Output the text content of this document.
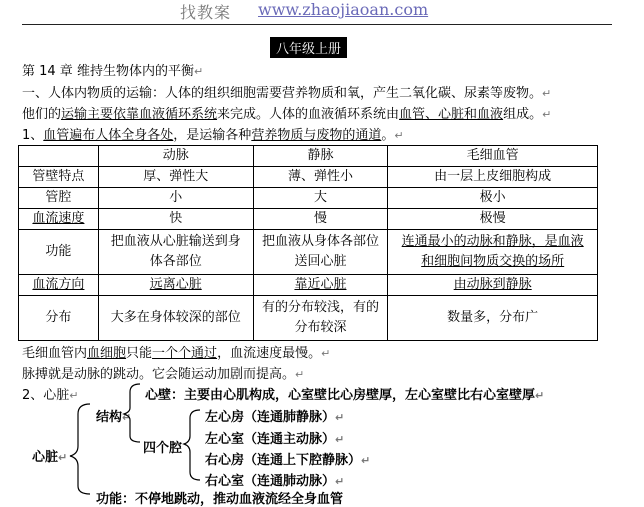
找教案 www.zhaojiaoan.com
八年级上册
第 14 章 维持生物体内的平衡↵
一、人体内物质的运输：人体的组织细胞需要营养物质和氧，产生二氧化碳、尿素等废物。↵
他们的运输主要依靠血液循环系统来完成。人体的血液循环系统由血管、心脏和血液组成。↵
1、血管遍布人体全身各处，是运输各种营养物质与废物的通道。↵
	动脉	静脉	毛细血管
管壁特点	厚、弹性大	薄、弹性小	由一层上皮细胞构成
管腔	小	大	极小
血流速度	快	慢	极慢
功能	把血液从心脏输送到身体各部位	把血液从身体各部位送回心脏	连通最小的动脉和静脉，是血液和细胞间物质交换的场所
血流方向	远离心脏	靠近心脏	由动脉到静脉
分布	大多在身体较深的部位	有的分布较浅，有的分布较深	数量多，分布广
毛细血管内血细胞只能一个个通过，血流速度最慢。↵
脉搏就是动脉的跳动。它会随运动加剧而提高。↵
2、心脏↵	心壁：主要由心肌构成，心室壁比心房壁厚，左心室壁比右心室壁厚↵
结构↵
心脏↵
四个腔
左心房（连通肺静脉）↵
左心室（连通主动脉）↵
右心房（连通上下腔静脉）↵
右心室（连通肺动脉）↵
功能：不停地跳动，推动血液流经全身血管
